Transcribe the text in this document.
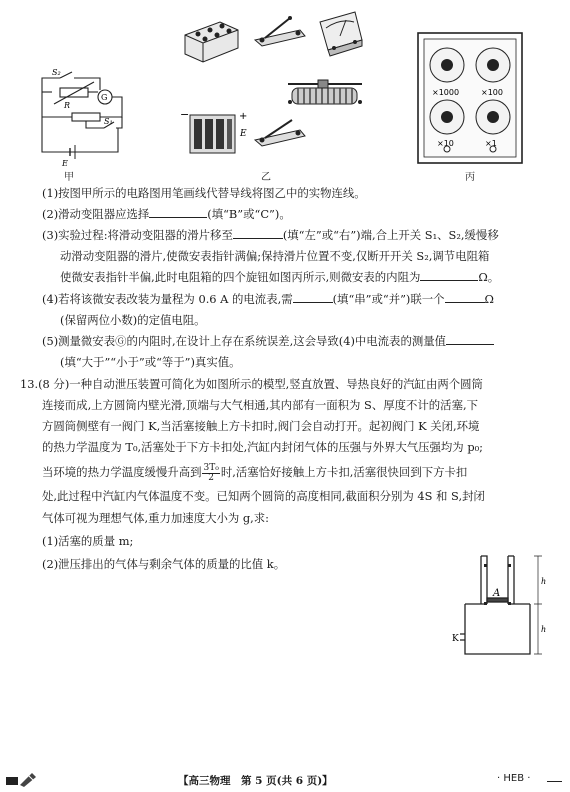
S₂
R
G
S₁
E
−	+
E
×1000	×100
×10	×1
甲	乙	丙
(1)按图甲所示的电路图用笔画线代替导线将图乙中的实物连线。
(2)滑动变阻器应选择	(填“B”或“C”)。
(3)实验过程:将滑动变阻器的滑片移至	(填“左”或“右”)端,合上开关 S₁、S₂,缓慢移
动滑动变阻器的滑片,使微安表指针满偏;保持滑片位置不变,仅断开开关 S₂,调节电阻箱
使微安表指针半偏,此时电阻箱的四个旋钮如图丙所示,则微安表的内阻为	Ω。
(4)若将该微安表改装为量程为 0.6 A 的电流表,需	(填“串”或“并”)联一个	Ω
(保留两位小数)的定值电阻。
(5)测量微安表Ⓖ的内阻时,在设计上存在系统误差,这会导致(4)中电流表的测量值
(填“大于”“小于”或“等于”)真实值。
13.(8 分)一种自动泄压装置可简化为如图所示的模型,竖直放置、导热良好的汽缸由两个圆筒
连接而成,上方圆筒内壁光滑,顶端与大气相通,其内部有一面积为 S、厚度不计的活塞,下
方圆筒侧壁有一阀门 K,当活塞接触上方卡扣时,阀门会自动打开。起初阀门 K 关闭,环境
的热力学温度为 T₀,活塞处于下方卡扣处,汽缸内封闭气体的压强与外界大气压强均为 p₀;
当环境的热力学温度缓慢升高到 $\frac{\text{3T₀}}{2}$ 时,活塞恰好接触上方卡扣,活塞很快回到下方卡扣
处,此过程中汽缸内气体温度不变。已知两个圆筒的高度相同,截面积分别为 4S 和 S,封闭
气体可视为理想气体,重力加速度大小为 g,求:
(1)活塞的质量 m;
(2)泄压排出的气体与剩余气体的质量的比值 k。
A
K
h
h
【高三物理　第 5 页(共 6 页)】	· HEB ·
